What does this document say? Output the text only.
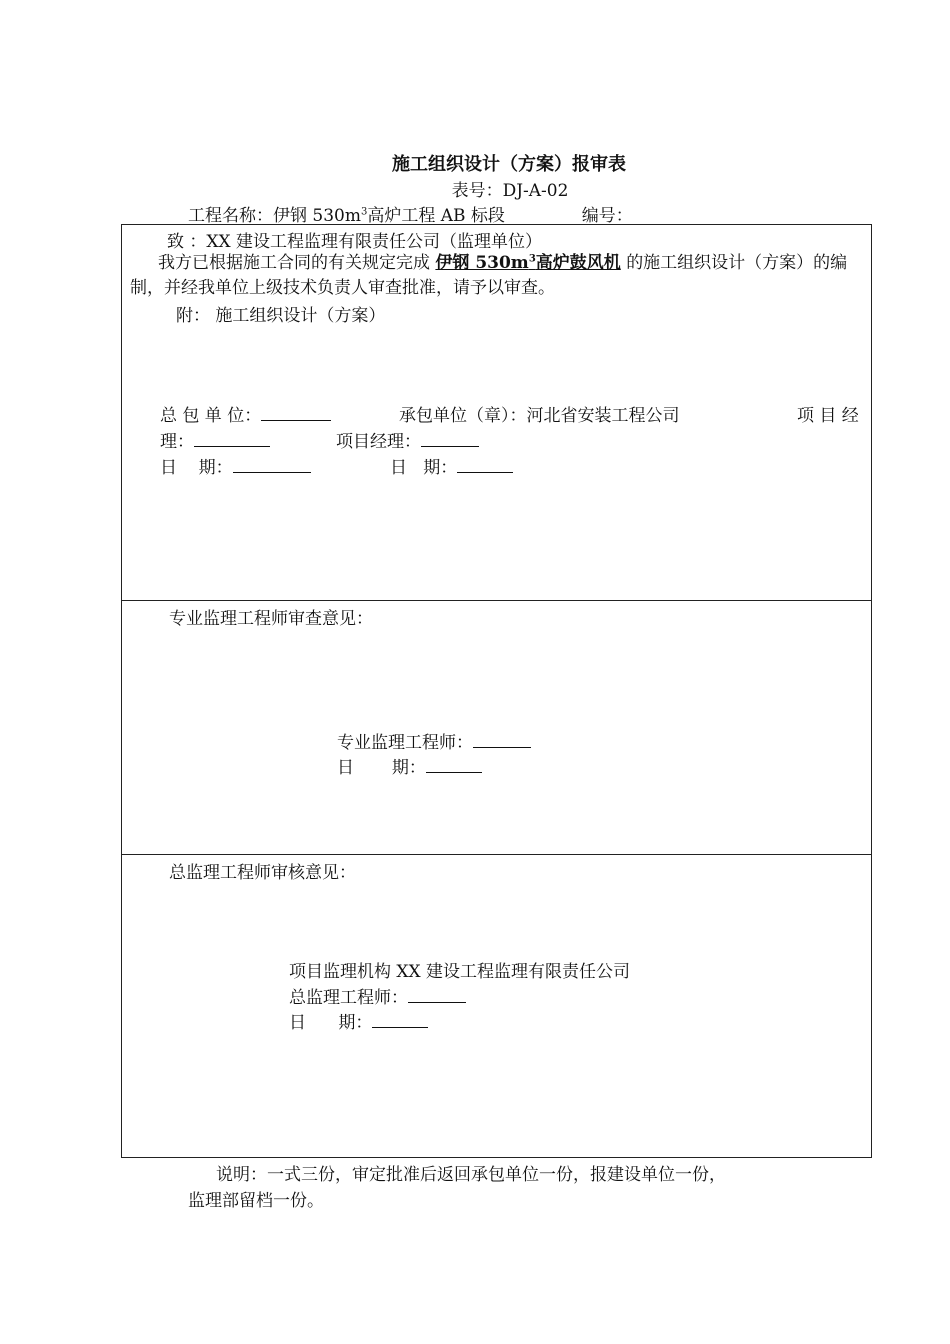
施工组织设计（方案）报审表
表号：DJ-A-02
工程名称：伊钢 $530m^3$高炉工程 AB 标段	编号：
致 ：XX 建设工程监理有限责任公司（监理单位）
我方已根据施工合同的有关规定完成 伊钢 $530m^3$高炉鼓风机 的施工组织设计（方案）的编制，并经我单位上级技术负责人审查批准，请予以审查。
附： 施工组织设计（方案）
总 包 单 位：	承包单位（章）：河北省安装工程公司	项 目 经
理：	项目经理：
日    期：	日   期：
专业监理工程师审查意见：
专业监理工程师：
日       期：
总监理工程师审核意见：
项目监理机构 XX 建设工程监理有限责任公司
总监理工程师：
日      期：
说明：一式三份，审定批准后返回承包单位一份，报建设单位一份，
监理部留档一份。
